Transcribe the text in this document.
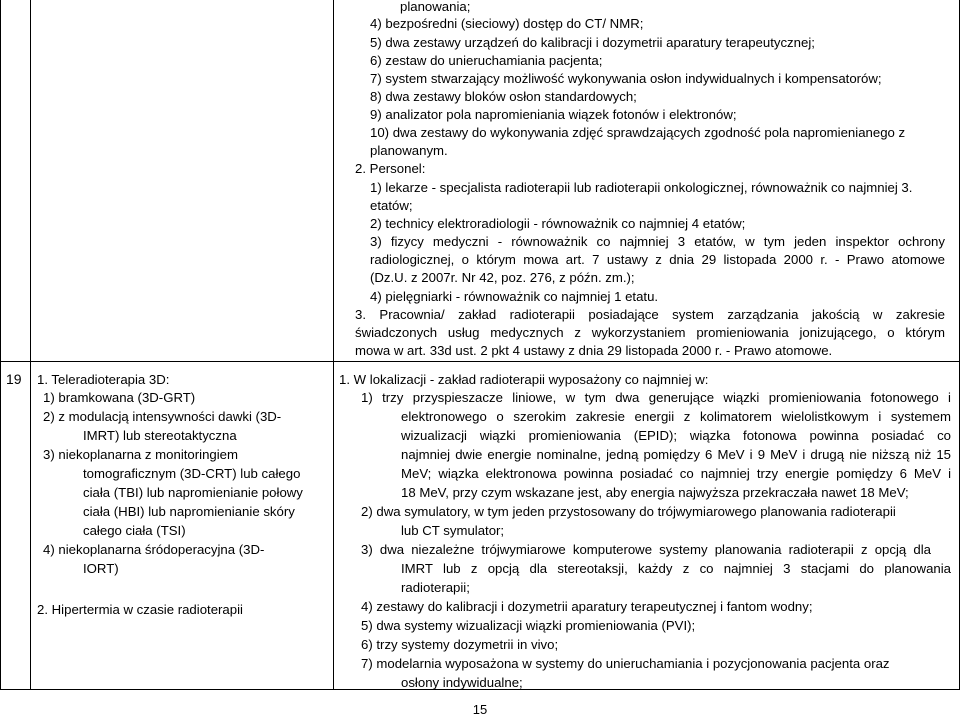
planowania;
4) bezpośredni (sieciowy) dostęp do CT/ NMR;
5) dwa zestawy urządzeń do kalibracji i dozymetrii aparatury terapeutycznej;
6) zestaw do unieruchamiania pacjenta;
7) system stwarzający możliwość wykonywania osłon indywidualnych i kompensatorów;
8) dwa zestawy bloków osłon standardowych;
9) analizator pola napromieniania wiązek fotonów i elektronów;
10) dwa zestawy do wykonywania zdjęć sprawdzających zgodność pola napromienianego z
planowanym.
2. Personel:
1) lekarze - specjalista radioterapii lub radioterapii onkologicznej, równoważnik co najmniej 3.
etatów;
2) technicy elektroradiologii - równoważnik co najmniej 4 etatów;
3) fizycy medyczni - równoważnik co najmniej 3 etatów, w tym jeden inspektor ochrony
radiologicznej, o którym mowa art. 7 ustawy z dnia 29 listopada 2000 r. - Prawo atomowe
(Dz.U. z 2007r. Nr 42, poz. 276, z późn. zm.);
4) pielęgniarki - równoważnik co najmniej 1 etatu.
3. Pracownia/ zakład radioterapii posiadające system zarządzania jakością w zakresie
świadczonych usług medycznych z wykorzystaniem promieniowania jonizującego, o którym
mowa w art. 33d ust. 2 pkt 4 ustawy z dnia 29 listopada 2000 r. - Prawo atomowe.
19 1. Teleradioterapia 3D:
1) bramkowana (3D-GRT)
2) z modulacją intensywności dawki (3D-
IMRT) lub stereotaktyczna
3) niekoplanarna z monitoringiem
tomograficznym (3D-CRT) lub całego
ciała (TBI) lub napromienianie połowy
ciała (HBI) lub napromienianie skóry
całego ciała (TSI)
4) niekoplanarna śródoperacyjna (3D-
IORT)
2. Hipertermia w czasie radioterapii
1. W lokalizacji - zakład radioterapii wyposażony co najmniej w:
1) trzy przyspieszacze liniowe, w tym dwa generujące wiązki promieniowania fotonowego i
elektronowego o szerokim zakresie energii z kolimatorem wielolistkowym i systemem
wizualizacji wiązki promieniowania (EPID); wiązka fotonowa powinna posiadać co
najmniej dwie energie nominalne, jedną pomiędzy 6 MeV i 9 MeV i drugą nie niższą niż 15
MeV; wiązka elektronowa powinna posiadać co najmniej trzy energie pomiędzy 6 MeV i
18 MeV, przy czym wskazane jest, aby energia najwyższa przekraczała nawet 18 MeV;
2) dwa symulatory, w tym jeden przystosowany do trójwymiarowego planowania radioterapii
lub CT symulator;
3) dwa niezależne trójwymiarowe komputerowe systemy planowania radioterapii z opcją dla
IMRT lub z opcją dla stereotaksji, każdy z co najmniej 3 stacjami do planowania
radioterapii;
4) zestawy do kalibracji i dozymetrii aparatury terapeutycznej i fantom wodny;
5) dwa systemy wizualizacji wiązki promieniowania (PVI);
6) trzy systemy dozymetrii in vivo;
7) modelarnia wyposażona w systemy do unieruchamiania i pozycjonowania pacjenta oraz
osłony indywidualne;
15
